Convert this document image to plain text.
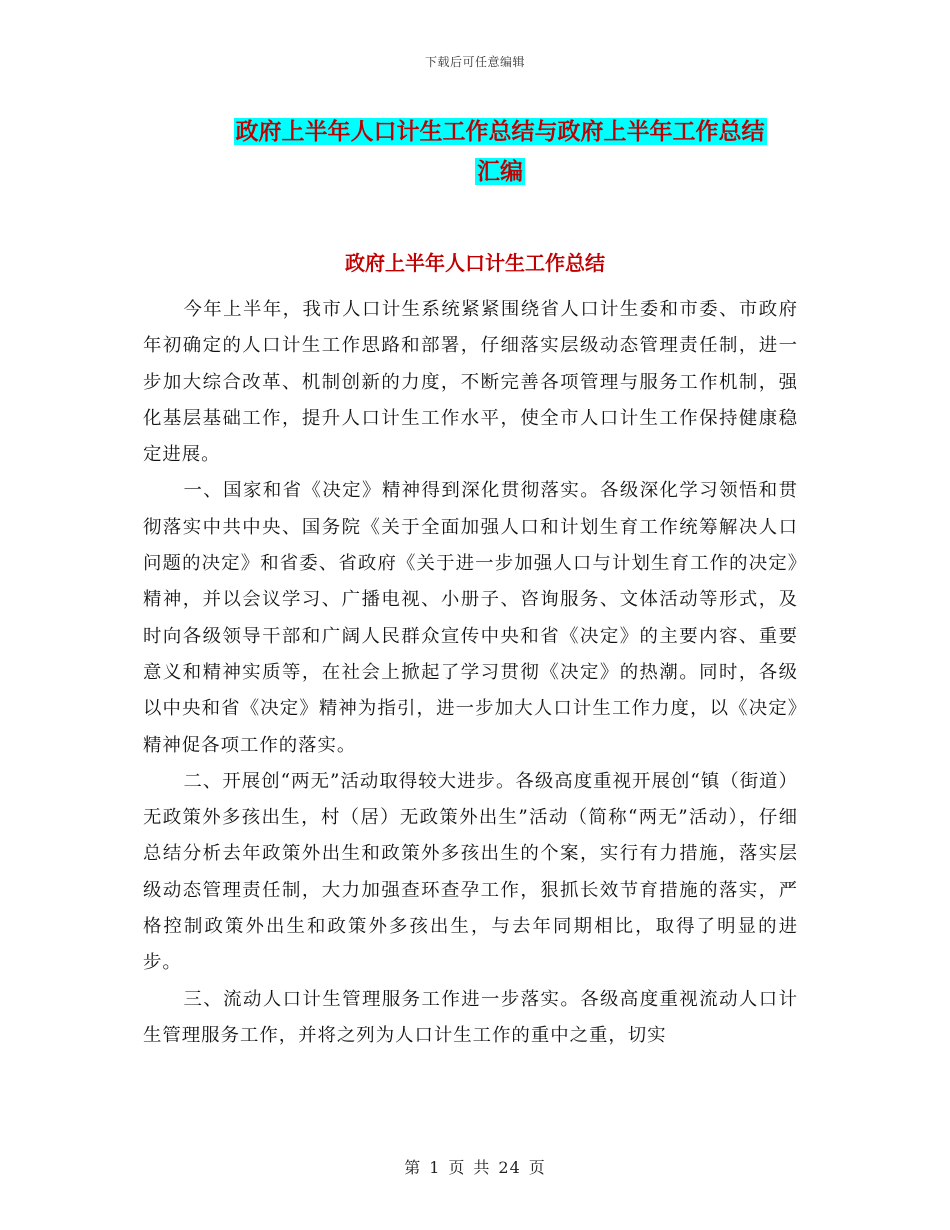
下载后可任意编辑
政府上半年人口计生工作总结与政府上半年工作总结
汇编
政府上半年人口计生工作总结

今年上半年，我市人口计生系统紧紧围绕省人口计生委和市委、市政府年初确定的人口计生工作思路和部署，仔细落实层级动态管理责任制，进一步加大综合改革、机制创新的力度，不断完善各项管理与服务工作机制，强化基层基础工作，提升人口计生工作水平，使全市人口计生工作保持健康稳定进展。

一、国家和省《决定》精神得到深化贯彻落实。各级深化学习领悟和贯彻落实中共中央、国务院《关于全面加强人口和计划生育工作统筹解决人口问题的决定》和省委、省政府《关于进一步加强人口与计划生育工作的决定》精神，并以会议学习、广播电视、小册子、咨询服务、文体活动等形式，及时向各级领导干部和广阔人民群众宣传中央和省《决定》的主要内容、重要意义和精神实质等，在社会上掀起了学习贯彻《决定》的热潮。同时，各级以中央和省《决定》精神为指引，进一步加大人口计生工作力度，以《决定》精神促各项工作的落实。

二、开展创“两无”活动取得较大进步。各级高度重视开展创“镇（街道）无政策外多孩出生，村（居）无政策外出生”活动（简称“两无”活动），仔细总结分析去年政策外出生和政策外多孩出生的个案，实行有力措施，落实层级动态管理责任制，大力加强查环查孕工作，狠抓长效节育措施的落实，严格控制政策外出生和政策外多孩出生，与去年同期相比，取得了明显的进步。

三、流动人口计生管理服务工作进一步落实。各级高度重视流动人口计生管理服务工作，并将之列为人口计生工作的重中之重，切实

第 1 页 共 24 页
